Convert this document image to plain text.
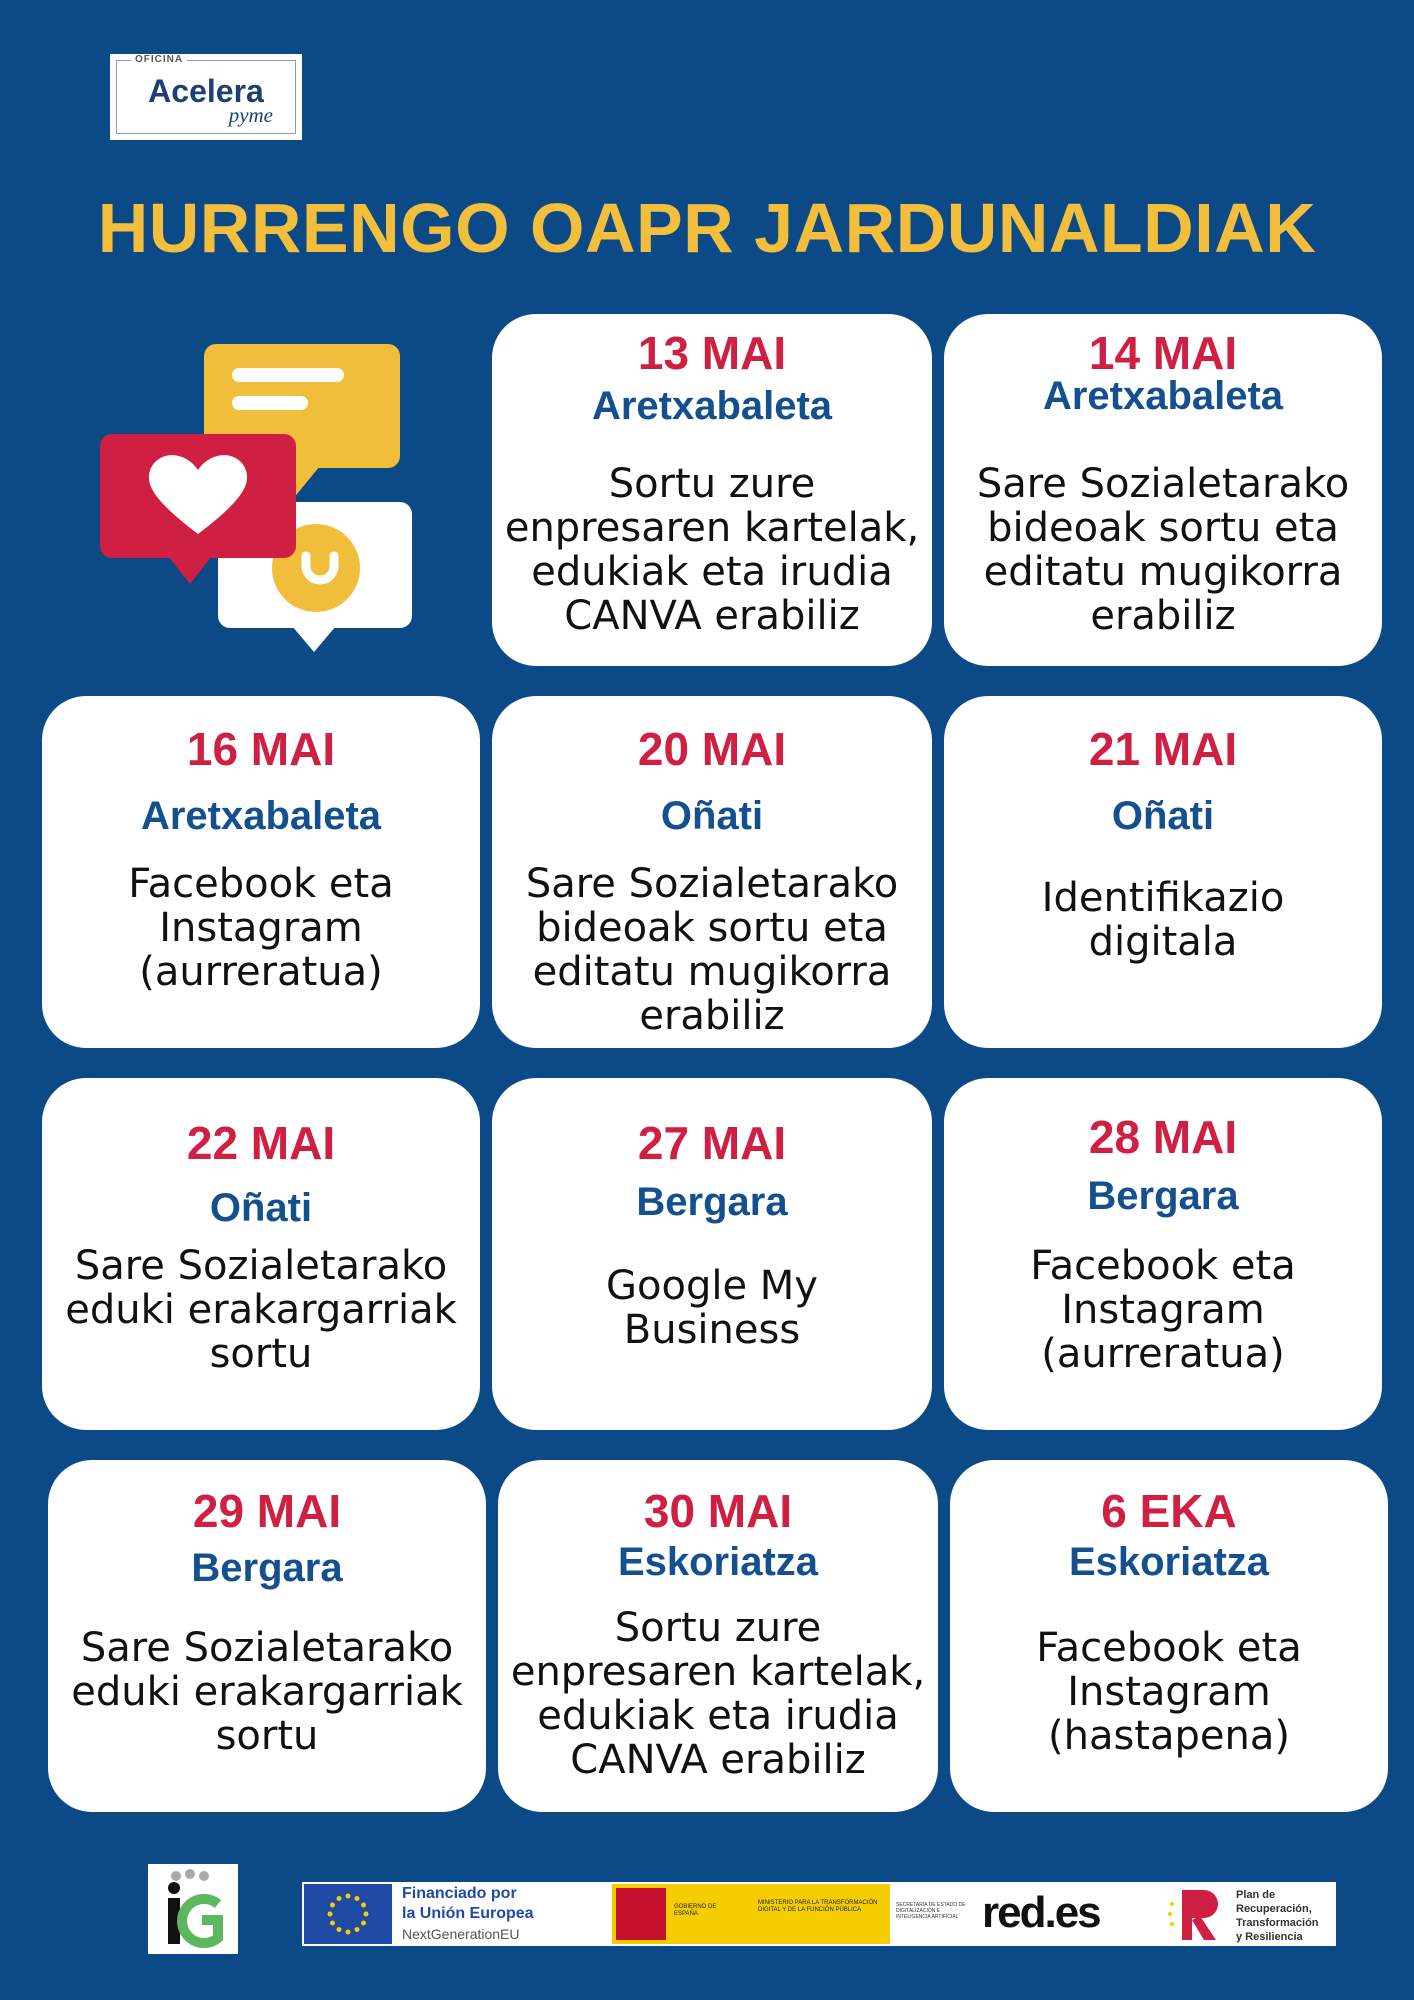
OFICINA
Acelera
pyme
HURRENGO OAPR JARDUNALDIAK
13 MAI
Aretxabaleta
Sortu zure
enpresaren kartelak,
edukiak eta irudia
CANVA erabiliz
14 MAI
Aretxabaleta
Sare Sozialetarako
bideoak sortu eta
editatu mugikorra
erabiliz
16 MAI
Aretxabaleta
Facebook eta
Instagram
(aurreratua)
20 MAI
Oñati
Sare Sozialetarako
bideoak sortu eta
editatu mugikorra
erabiliz
21 MAI
Oñati
Identifikazio
digitala
22 MAI
Oñati
Sare Sozialetarako
eduki erakargarriak
sortu
27 MAI
Bergara
Google My
Business
28 MAI
Bergara
Facebook eta
Instagram
(aurreratua)
29 MAI
Bergara
Sare Sozialetarako
eduki erakargarriak
sortu
30 MAI
Eskoriatza
Sortu zure
enpresaren kartelak,
edukiak eta irudia
CANVA erabiliz
6 EKA
Eskoriatza
Facebook eta
Instagram
(hastapena)
Financiado por
la Unión Europea
NextGenerationEU
GOBIERNO DE ESPAÑA
MINISTERIO PARA LA TRANSFORMACIÓN DIGITAL Y DE LA FUNCIÓN PÚBLICA
SECRETARÍA DE ESTADO DE DIGITALIZACIÓN E INTELIGENCIA ARTIFICIAL red.es	Plan de
Recuperación,
Transformación
y Resiliencia
